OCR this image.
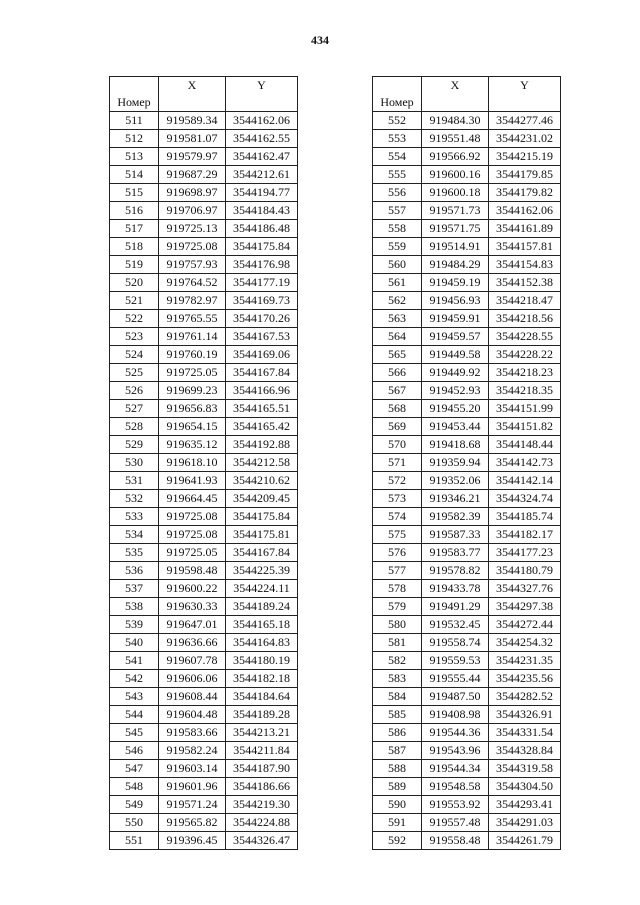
434
Номер	X	Y
511	919589.34	3544162.06
512	919581.07	3544162.55
513	919579.97	3544162.47
514	919687.29	3544212.61
515	919698.97	3544194.77
516	919706.97	3544184.43
517	919725.13	3544186.48
518	919725.08	3544175.84
519	919757.93	3544176.98
520	919764.52	3544177.19
521	919782.97	3544169.73
522	919765.55	3544170.26
523	919761.14	3544167.53
524	919760.19	3544169.06
525	919725.05	3544167.84
526	919699.23	3544166.96
527	919656.83	3544165.51
528	919654.15	3544165.42
529	919635.12	3544192.88
530	919618.10	3544212.58
531	919641.93	3544210.62
532	919664.45	3544209.45
533	919725.08	3544175.84
534	919725.08	3544175.81
535	919725.05	3544167.84
536	919598.48	3544225.39
537	919600.22	3544224.11
538	919630.33	3544189.24
539	919647.01	3544165.18
540	919636.66	3544164.83
541	919607.78	3544180.19
542	919606.06	3544182.18
543	919608.44	3544184.64
544	919604.48	3544189.28
545	919583.66	3544213.21
546	919582.24	3544211.84
547	919603.14	3544187.90
548	919601.96	3544186.66
549	919571.24	3544219.30
550	919565.82	3544224.88
551	919396.45	3544326.47
Номер	X	Y
552	919484.30	3544277.46
553	919551.48	3544231.02
554	919566.92	3544215.19
555	919600.16	3544179.85
556	919600.18	3544179.82
557	919571.73	3544162.06
558	919571.75	3544161.89
559	919514.91	3544157.81
560	919484.29	3544154.83
561	919459.19	3544152.38
562	919456.93	3544218.47
563	919459.91	3544218.56
564	919459.57	3544228.55
565	919449.58	3544228.22
566	919449.92	3544218.23
567	919452.93	3544218.35
568	919455.20	3544151.99
569	919453.44	3544151.82
570	919418.68	3544148.44
571	919359.94	3544142.73
572	919352.06	3544142.14
573	919346.21	3544324.74
574	919582.39	3544185.74
575	919587.33	3544182.17
576	919583.77	3544177.23
577	919578.82	3544180.79
578	919433.78	3544327.76
579	919491.29	3544297.38
580	919532.45	3544272.44
581	919558.74	3544254.32
582	919559.53	3544231.35
583	919555.44	3544235.56
584	919487.50	3544282.52
585	919408.98	3544326.91
586	919544.36	3544331.54
587	919543.96	3544328.84
588	919544.34	3544319.58
589	919548.58	3544304.50
590	919553.92	3544293.41
591	919557.48	3544291.03
592	919558.48	3544261.79
